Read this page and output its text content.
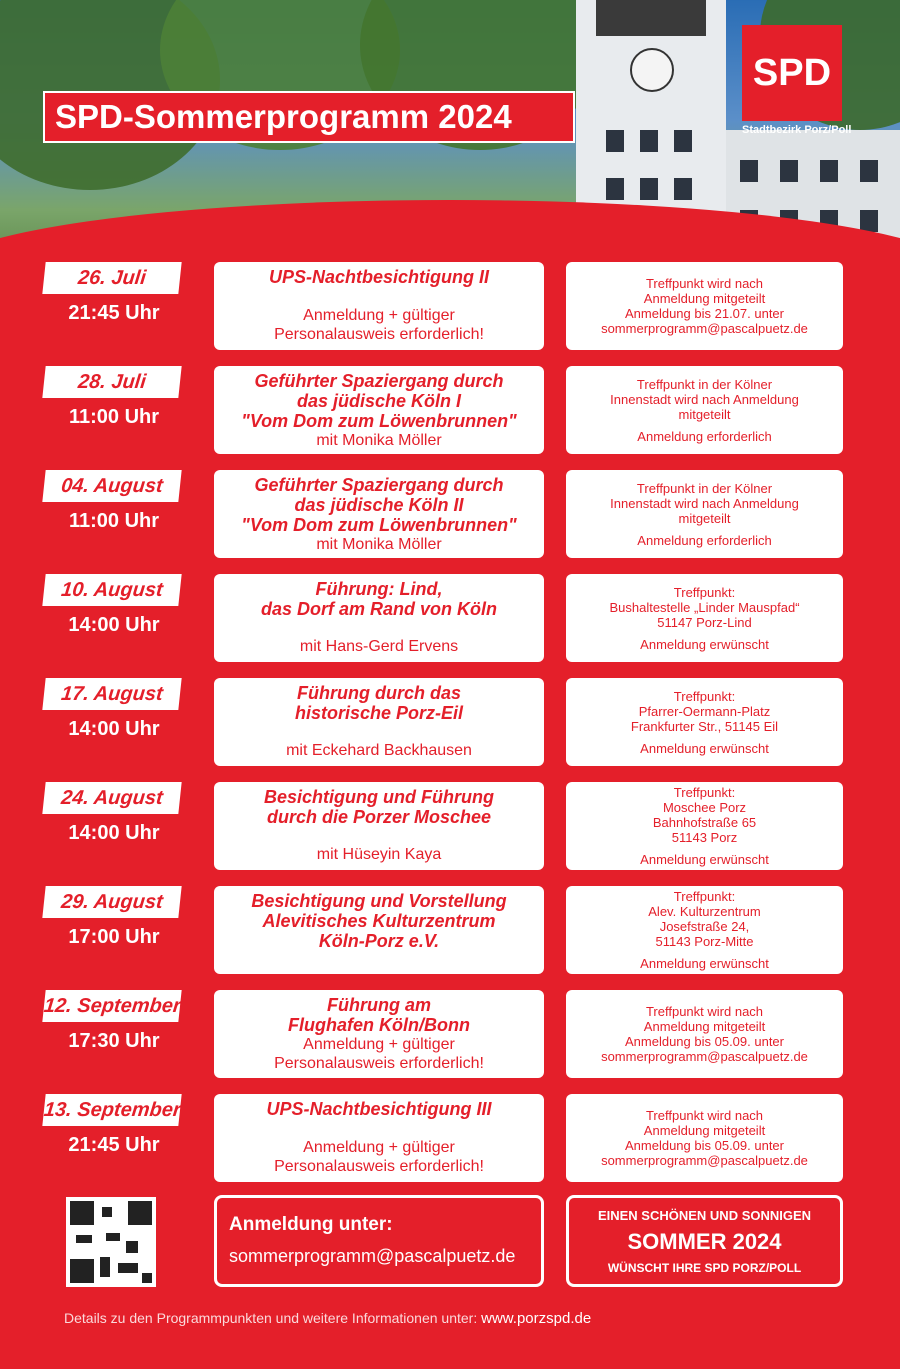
SPD-Sommerprogramm 2024
SPD
Stadtbezirk Porz/Poll
26. Juli
21:45 Uhr
UPS-Nachtbesichtigung II
Anmeldung + gültiger
Personalausweis erforderlich!
Treffpunkt wird nach
Anmeldung mitgeteilt
Anmeldung bis 21.07. unter
sommerprogramm@pascalpuetz.de
28. Juli
11:00 Uhr
Geführter Spaziergang durch
das jüdische Köln I
"Vom Dom zum Löwenbrunnen"
mit Monika Möller
Treffpunkt in der Kölner
Innenstadt wird nach Anmeldung
mitgeteilt
Anmeldung erforderlich
04. August
11:00 Uhr
Geführter Spaziergang durch
das jüdische Köln II
"Vom Dom zum Löwenbrunnen"
mit Monika Möller
Treffpunkt in der Kölner
Innenstadt wird nach Anmeldung
mitgeteilt
Anmeldung erforderlich
10. August
14:00 Uhr
Führung: Lind,
das Dorf am Rand von Köln
mit Hans-Gerd Ervens
Treffpunkt:
Bushaltestelle „Linder Mauspfad“
51147 Porz-Lind
Anmeldung erwünscht
17. August
14:00 Uhr
Führung durch das
historische Porz-Eil
mit Eckehard Backhausen
Treffpunkt:
Pfarrer-Oermann-Platz
Frankfurter Str., 51145 Eil
Anmeldung erwünscht
24. August
14:00 Uhr
Besichtigung und Führung
durch die Porzer Moschee
mit Hüseyin Kaya
Treffpunkt:
Moschee Porz
Bahnhofstraße 65
51143 Porz
Anmeldung erwünscht
29. August
17:00 Uhr
Besichtigung und Vorstellung
Alevitisches Kulturzentrum
Köln-Porz e.V.
Treffpunkt:
Alev. Kulturzentrum
Josefstraße 24,
51143 Porz-Mitte
Anmeldung erwünscht
12. September
17:30 Uhr
Führung am
Flughafen Köln/Bonn
Anmeldung + gültiger
Personalausweis erforderlich!
Treffpunkt wird nach
Anmeldung mitgeteilt
Anmeldung bis 05.09. unter
sommerprogramm@pascalpuetz.de
13. September
21:45 Uhr
UPS-Nachtbesichtigung III
Anmeldung + gültiger
Personalausweis erforderlich!
Treffpunkt wird nach
Anmeldung mitgeteilt
Anmeldung bis 05.09. unter
sommerprogramm@pascalpuetz.de
Anmeldung unter:
sommerprogramm@pascalpuetz.de
EINEN SCHÖNEN UND SONNIGEN
SOMMER 2024
WÜNSCHT IHRE SPD PORZ/POLL
Details zu den Programmpunkten und weitere Informationen unter: www.porzspd.de
